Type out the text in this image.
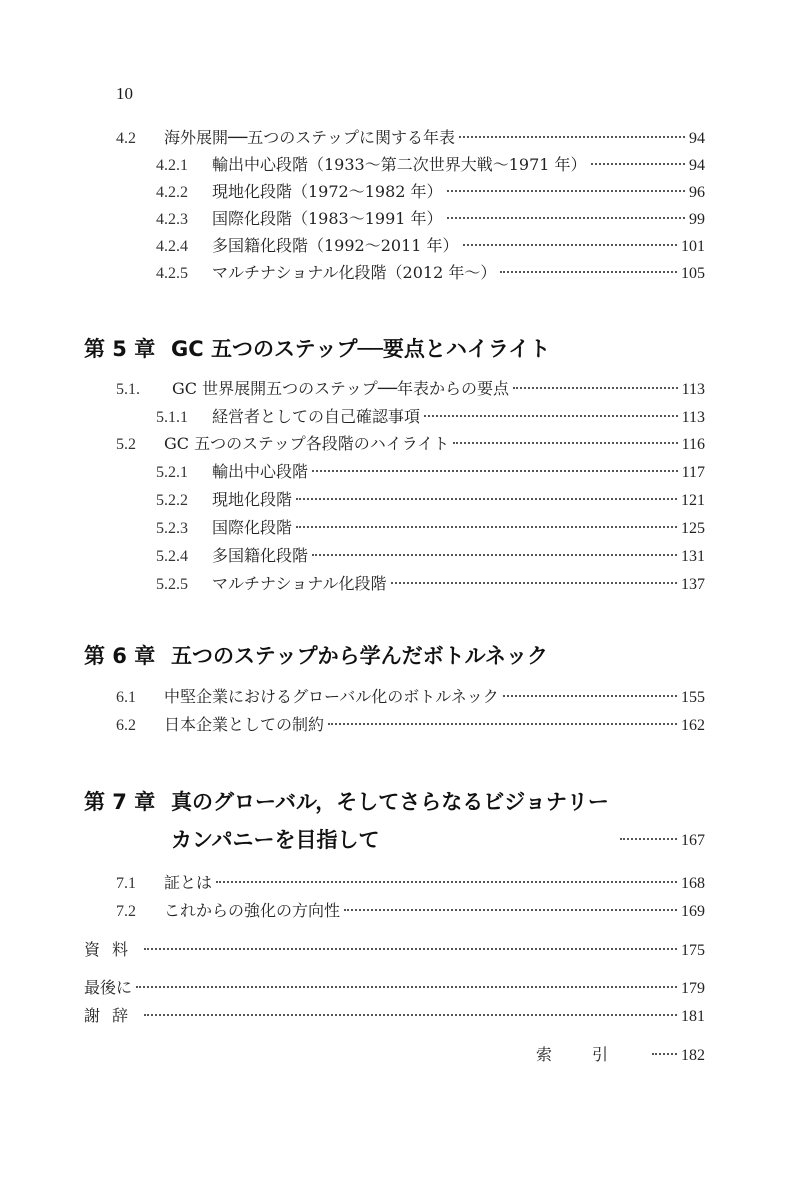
10
4.2	海外展開──五つのステップに関する年表	94
4.2.1	輸出中心段階（1933～第二次世界大戦～1971 年）	94
4.2.2	現地化段階（1972～1982 年）	96
4.2.3	国際化段階（1983～1991 年）	99
4.2.4	多国籍化段階（1992～2011 年）	101
4.2.5	マルチナショナル化段階（2012 年～）	105
第 5 章 GC 五つのステップ──要点とハイライト
5.1.	GC 世界展開五つのステップ──年表からの要点	113
5.1.1	経営者としての自己確認事項	113
5.2	GC 五つのステップ各段階のハイライト	116
5.2.1	輸出中心段階	117
5.2.2	現地化段階	121
5.2.3	国際化段階	125
5.2.4	多国籍化段階	131
5.2.5	マルチナショナル化段階	137
第 6 章 五つのステップから学んだボトルネック
6.1	中堅企業におけるグローバル化のボトルネック	155
6.2	日本企業としての制約	162
第 7 章 真のグローバル，そしてさらなるビジョナリー
カンパニーを目指して	167
7.1	証とは	168
7.2	これからの強化の方向性	169
資料	175
最後に	179
謝辞	181
索引 182
